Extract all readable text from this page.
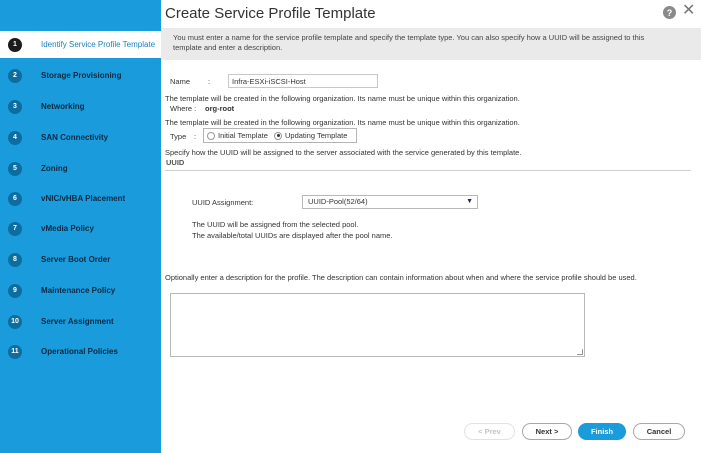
1	Identify Service Profile Template
2	Storage Provisioning
3	Networking
4	SAN Connectivity
5	Zoning
6	vNIC/vHBA Placement
7	vMedia Policy
8	Server Boot Order
9	Maintenance Policy
10	Server Assignment
11	Operational Policies
Create Service Profile Template	? ✕
You must enter a name for the service profile template and specify the template type. You can also specify how a UUID will be assigned to this
template and enter a description.
Name :
Infra-ESXi-iSCSI-Host
The template will be created in the following organization. Its name must be unique within this organization.
Where : org-root
The template will be created in the following organization. Its name must be unique within this organization.
Type :	Initial Template Updating Template
Specify how the UUID will be assigned to the server associated with the service generated by this template.
UUID
UUID Assignment:	UUID-Pool(52/64)	▼
The UUID will be assigned from the selected pool.
The available/total UUIDs are displayed after the pool name.
Optionally enter a description for the profile. The description can contain information about when and where the service profile should be used.
< Prev	Next >	Finish	Cancel
